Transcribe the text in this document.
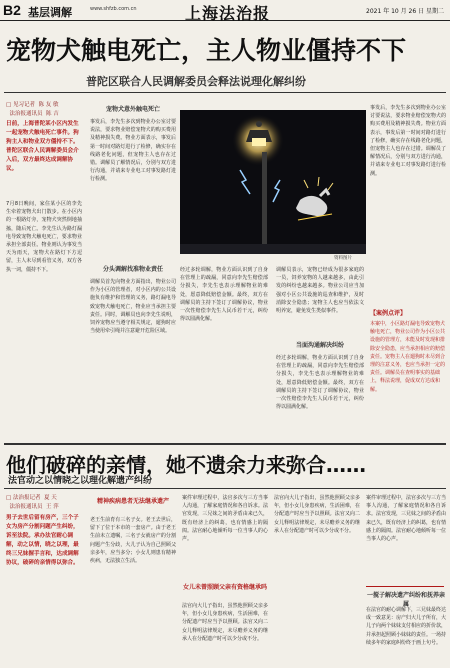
B2 基层调解	www.shfzb.com.cn	上海法治报	2021 年 10 月 26 日 星期二
宠物犬触电死亡，主人物业僵持不下
普陀区联合人民调解委员会释法说理化解纠纷
□ 见习记者  陈 友 敏
法治报通讯员  陈 吉
日前，上海普陀某小区内发生一起宠物犬触电死亡事件。狗狗主人和物业双方僵持不下。普陀区联合人民调解委员会介入后，双方最终达成调解协议。
7月8日晚间，家住某小区的李先生牵着宠物犬出门散步。在小区内的一根路灯旁，宠物犬突然倒地抽搐，随后死亡。李先生认为路灯漏电导致宠物犬触电死亡，要求物业承担全部责任。物业则认为事发当天为雨天，宠物犬在路灯下方逗留，主人未尽到看管义务，双方各执一词，僵持不下。
宠物犬意外触电死亡
事发后，李先生多次到物业办公室讨要说法，要求物业赔偿宠物犬的购买费用及精神损失费。物业方面表示，事发后第一时间对路灯进行了检修，确实存在线路老化问题，但宠物主人也存在过错。调解员了解情况后，分别与双方进行沟通，并请来专业电工对事发路灯进行检测。
分头调解找准物业责任
调解员首先向物业方面指出，物业公司作为小区的管理者，对小区内的公共设施负有维护和管理的义务，路灯漏电导致宠物犬触电死亡，物业应当承担主要责任。同时，调解员也向李先生说明，饲养宠物应当遵守相关规定，遛狗时应当使用牵引绳并注意避开危险区域。
资料图片
经过多轮调解，物业方面认识到了自身在管理上的疏漏，同意向李先生赔偿部分损失，李先生也表示理解物业的难处，愿意降低赔偿金额。最终，双方在调解员的主持下签订了调解协议，物业一次性赔偿李先生人民币若干元，纠纷得以圆满化解。
当面沟通解决纠纷
调解员表示，宠物已经成为很多家庭的一员，饲养宠物的人越来越多，由此引发的纠纷也越来越多。物业公司应当加强对小区公共设施的巡查和维护，及时消除安全隐患；宠物主人也应当依法文明养宠，避免发生类似事件。
经过多轮调解，物业方面认识到了自身在管理上的疏漏，同意向李先生赔偿部分损失，李先生也表示理解物业的难处，愿意降低赔偿金额。最终，双方在调解员的主持下签订了调解协议，物业一次性赔偿李先生人民币若干元，纠纷得以圆满化解。
事发后，李先生多次到物业办公室讨要说法，要求物业赔偿宠物犬的购买费用及精神损失费。物业方面表示，事发后第一时间对路灯进行了检修，确实存在线路老化问题，但宠物主人也存在过错。调解员了解情况后，分别与双方进行沟通，并请来专业电工对事发路灯进行检测。
【案例点评】
本案中，小区路灯漏电导致宠物犬触电死亡，物业公司作为小区公共设施的管理方，未能及时发现和排除安全隐患，应当承担相应的赔偿责任。宠物主人在遛狗时未尽到合理的注意义务，也应当承担一定的责任。调解员在查明事实的基础上，释法说理，促成双方达成和解。
他们破碎的亲情，她不遗余力来弥合……
法官动之以情晓之以理化解遗产纠纷
□ 法治报记者  夏 天
法治报通讯员  王 萍
男子去世后留有房产，三个子女为房产分割问题产生纠纷，诉至法院。承办法官耐心调解，动之以情，晓之以理，最终三兄妹握手言和，达成调解协议，破碎的亲情得以弥合。
精神疾病患者无法继承遗产
老王生前育有三名子女。老王去世后，留下了位于本市的一套房产。由于老王生前未立遗嘱，三名子女就房产的分割问题产生分歧，大儿子认为自己照顾父亲多年，应当多分；小女儿则患有精神疾病，无法独立生活。
案件审理过程中，法官多次与三方当事人沟通，了解家庭情况和各自诉求。法官发现，三兄妹之间的矛盾由来已久，既有经济上的纠葛，也有情感上的隔阂。法官耐心地倾听每一位当事人的心声。
女儿未曾照顾父亲有资格继承吗
法官向大儿子指出，虽然他照顾父亲多年，但小女儿身患疾病，生活困难，在分配遗产时应当予以照顾。法官又向二女儿释明法律规定，未尽赡养义务的继承人在分配遗产时可以少分或不分。
法官向大儿子指出，虽然他照顾父亲多年，但小女儿身患疾病，生活困难，在分配遗产时应当予以照顾。法官又向二女儿释明法律规定，未尽赡养义务的继承人在分配遗产时可以少分或不分。
案件审理过程中，法官多次与三方当事人沟通，了解家庭情况和各自诉求。法官发现，三兄妹之间的矛盾由来已久，既有经济上的纠葛，也有情感上的隔阂。法官耐心地倾听每一位当事人的心声。
一搅子解决遗产纠纷和抚养亲属
在法官的耐心调解下，三兄妹最终达成一致意见：房产归大儿子所有，大儿子向两个妹妹支付相应的折价款，并承担起照顾小妹妹的责任。一场持续多年的家庭纠纷终于画上句号。
